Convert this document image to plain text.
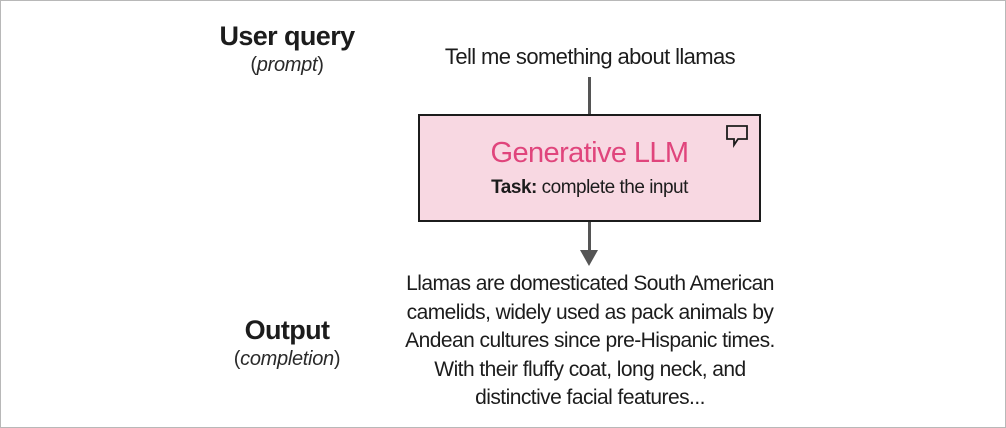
User query
(prompt)	Tell me something about llamas
Generative LLM
Task: complete the input
Output
(completion)
Llamas are domesticated South American
camelids, widely used as pack animals by
Andean cultures since pre-Hispanic times.
With their fluffy coat, long neck, and
distinctive facial features...
